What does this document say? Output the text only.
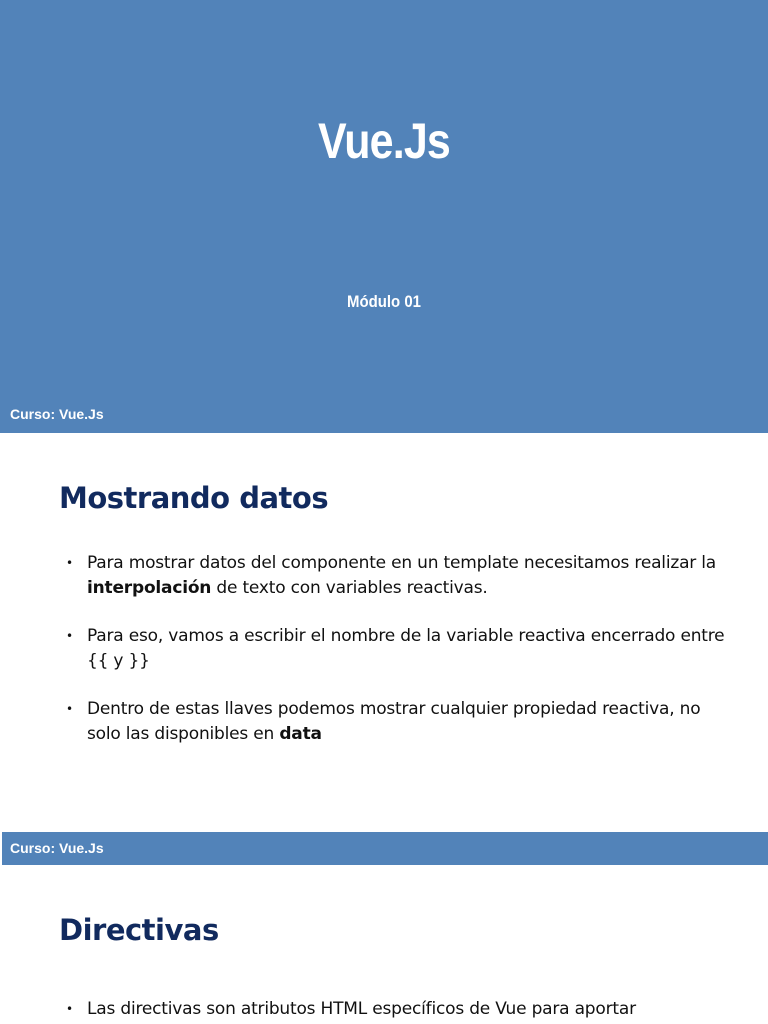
Vue.Js
Módulo 01
Curso: Vue.Js
Mostrando datos
• Para mostrar datos del componente en un template necesitamos realizar la interpolación de texto con variables reactivas.
• Para eso, vamos a escribir el nombre de la variable reactiva encerrado entre {{ y }}
• Dentro de estas llaves podemos mostrar cualquier propiedad reactiva, no solo las disponibles en data
Curso: Vue.Js
Directivas
• Las directivas son atributos HTML específicos de Vue para aportar
